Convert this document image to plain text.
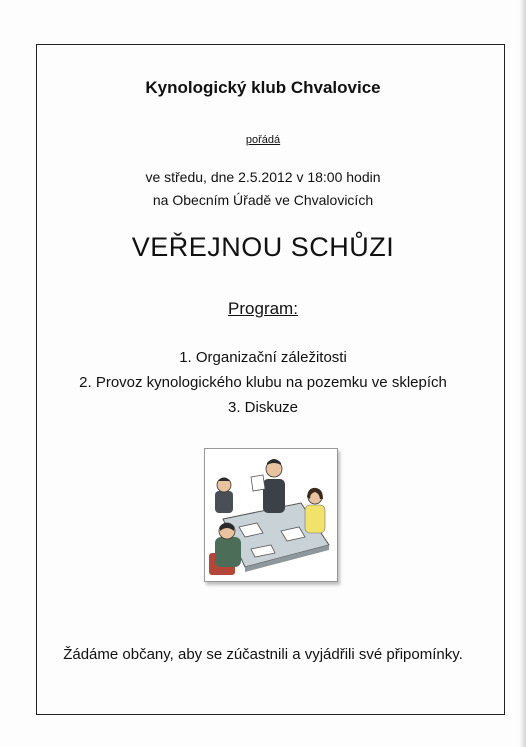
Kynologický klub Chvalovice
pořádá
ve středu, dne 2.5.2012 v 18:00 hodin
na Obecním Úřadě ve Chvalovicích
VEŘEJNOU SCHŮZI
Program:
1. Organizační záležitosti
2. Provoz kynologického klubu na pozemku ve sklepích
3. Diskuze
Žádáme občany, aby se zúčastnili a vyjádřili své připomínky.
